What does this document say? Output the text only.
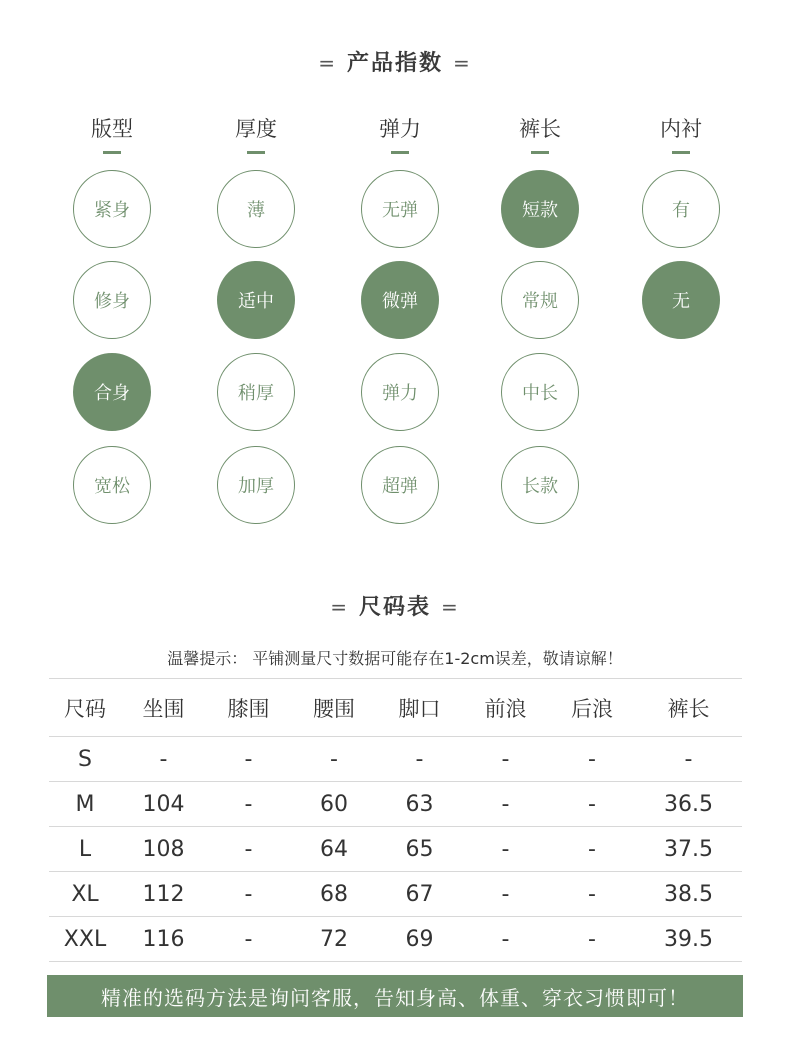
= 产品指数 =
版型
紧身
修身
合身
宽松
厚度
薄
适中
稍厚
加厚
弹力
无弹
微弹
弹力
超弹
裤长
短款
常规
中长
长款
内衬
有
无
= 尺码表 =
温馨提示： 平铺测量尺寸数据可能存在1-2cm误差，敬请谅解！
尺码	坐围	膝围	腰围	脚口	前浪	后浪	裤长
S	-	-	-	-	-	-	-
M	104	-	60	63	-	-	36.5
L	108	-	64	65	-	-	37.5
XL	112	-	68	67	-	-	38.5
XXL	116	-	72	69	-	-	39.5
精准的选码方法是询问客服，告知身高、体重、穿衣习惯即可！
